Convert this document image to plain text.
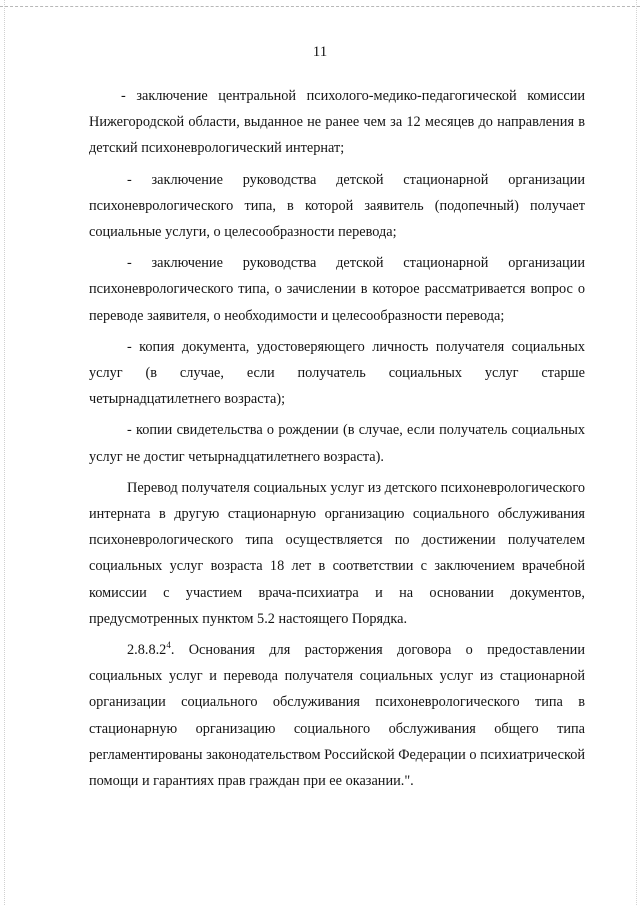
11

- заключение центральной психолого-медико-педагогической комиссии Нижегородской области, выданное не ранее чем за 12 месяцев до направления в детский психоневрологический интернат;

- заключение руководства детской стационарной организации психоневрологического типа, в которой заявитель (подопечный) получает социальные услуги, о целесообразности перевода;

- заключение руководства детской стационарной организации психоневрологического типа, о зачислении в которое рассматривается вопрос о переводе заявителя, о необходимости и целесообразности перевода;

- копия документа, удостоверяющего личность получателя социальных услуг (в случае, если получатель социальных услуг старше четырнадцатилетнего возраста);

- копии свидетельства о рождении (в случае, если получатель социальных услуг не достиг четырнадцатилетнего возраста).

Перевод получателя социальных услуг из детского психоневрологического интерната в другую стационарную организацию социального обслуживания психоневрологического типа осуществляется по достижении получателем социальных услуг возраста 18 лет в соответствии с заключением врачебной комиссии с участием врача-психиатра и на основании документов, предусмотренных пунктом 5.2 настоящего Порядка.

2.8.8.2$^4$. Основания для расторжения договора о предоставлении социальных услуг и перевода получателя социальных услуг из стационарной организации социального обслуживания психоневрологического типа в стационарную организацию социального обслуживания общего типа регламентированы законодательством Российской Федерации о психиатрической помощи и гарантиях прав граждан при ее оказании.".
